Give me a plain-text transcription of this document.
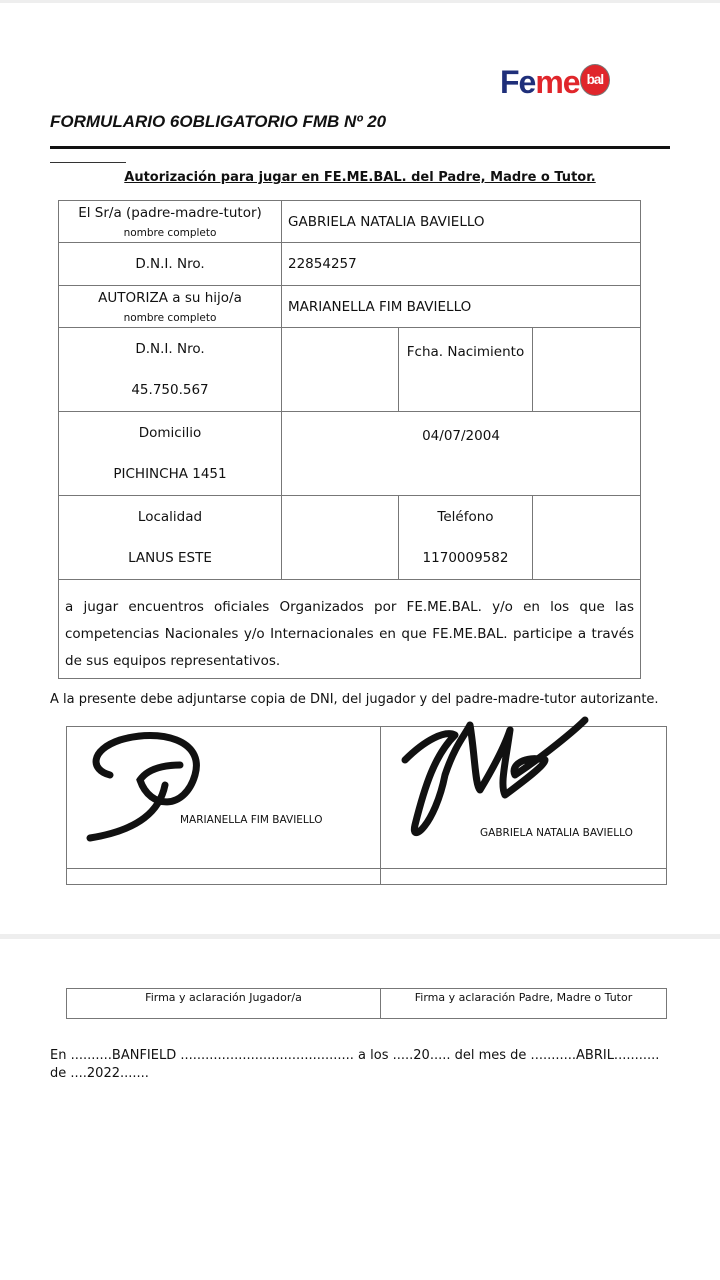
Feme bal
FORMULARIO 6OBLIGATORIO FMB Nº 20
Autorización para jugar en FE.ME.BAL. del Padre, Madre o Tutor.
El Sr/a (padre-madre-tutor)
nombre completo
GABRIELA NATALIA BAVIELLO
D.N.I. Nro.	22854257
AUTORIZA a su hijo/a
nombre completo
MARIANELLA FIM BAVIELLO
D.N.I. Nro.
45.750.567
Fcha. Nacimiento
Domicilio
PICHINCHA 1451
04/07/2004
Localidad
LANUS ESTE
Teléfono
1170009582
a jugar encuentros oficiales Organizados por FE.ME.BAL. y/o en los que las competencias Nacionales y/o Internacionales en que FE.ME.BAL. participe a través de sus equipos representativos.
A la presente debe adjuntarse copia de DNI, del jugador y del padre-madre-tutor autorizante.
MARIANELLA FIM BAVIELLO
GABRIELA NATALIA BAVIELLO
Firma y aclaración Jugador/a	Firma y aclaración Padre, Madre o Tutor
En ..........BANFIELD .......................................... a los .....20..... del mes de ...........ABRIL...........
de ....2022.......
